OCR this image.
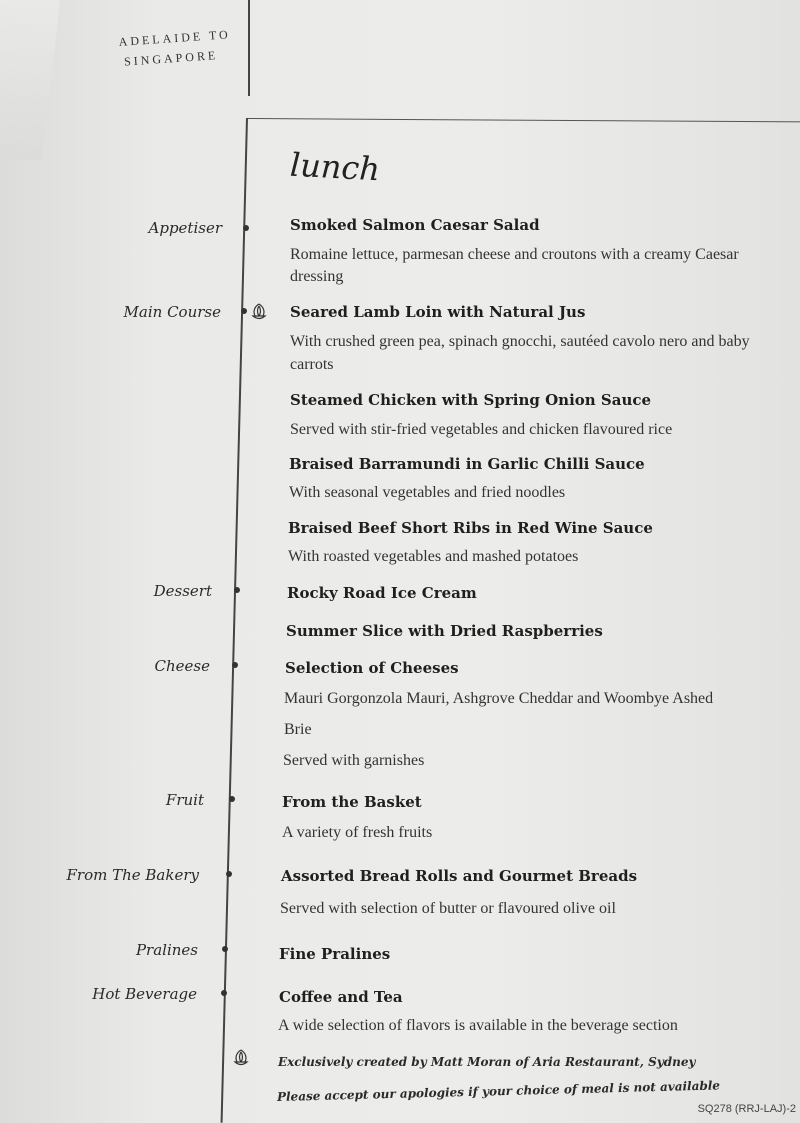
ADELAIDE TO
SINGAPORE
lunch
Appetiser	Smoked Salmon Caesar Salad
Romaine lettuce, parmesan cheese and croutons with a creamy Caesar
dressing
Main Course	Seared Lamb Loin with Natural Jus
With crushed green pea, spinach gnocchi, sautéed cavolo nero and baby
carrots
Steamed Chicken with Spring Onion Sauce
Served with stir-fried vegetables and chicken flavoured rice
Braised Barramundi in Garlic Chilli Sauce
With seasonal vegetables and fried noodles
Braised Beef Short Ribs in Red Wine Sauce
With roasted vegetables and mashed potatoes
Dessert	Rocky Road Ice Cream
Summer Slice with Dried Raspberries
Cheese	Selection of Cheeses
Mauri Gorgonzola Mauri, Ashgrove Cheddar and Woombye Ashed
Brie
Served with garnishes
Fruit	From the Basket
A variety of fresh fruits
From The Bakery	Assorted Bread Rolls and Gourmet Breads
Served with selection of butter or flavoured olive oil
Pralines	Fine Pralines
Hot Beverage	Coffee and Tea
A wide selection of flavors is available in the beverage section
Exclusively created by Matt Moran of Aria Restaurant, Sydney
Please accept our apologies if your choice of meal is not available
SQ278 (RRJ-LAJ)-2
